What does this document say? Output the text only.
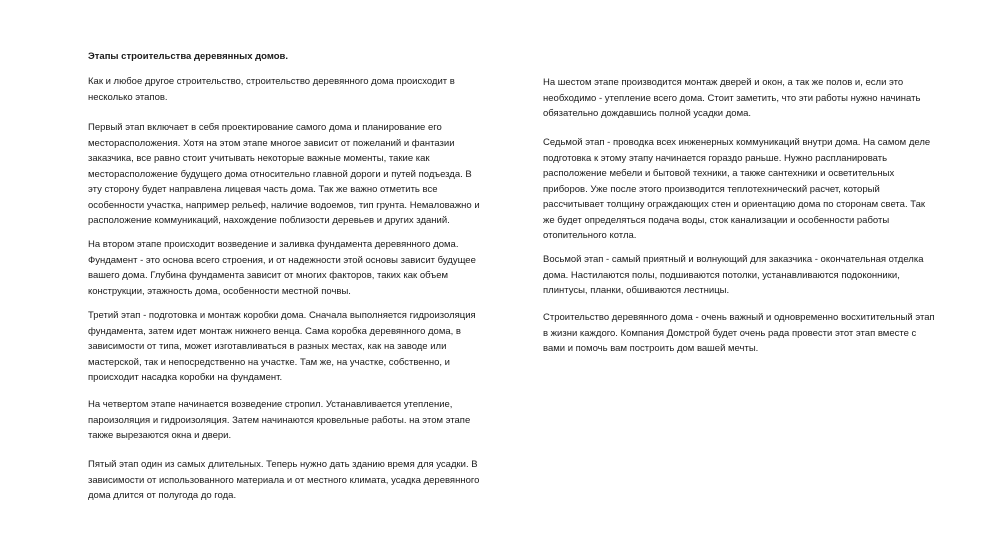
Этапы строительства деревянных домов.
Как и любое другое строительство, строительство деревянного дома происходит в
несколько этапов.
Первый этап включает в себя проектирование самого дома и планирование его
месторасположения. Хотя на этом этапе многое зависит от пожеланий и фантазии
заказчика, все равно стоит учитывать некоторые важные моменты, такие как
месторасположение будущего дома относительно главной дороги и путей подъезда. В
эту сторону будет направлена лицевая часть дома. Так же важно отметить все
особенности участка, например рельеф, наличие водоемов, тип грунта. Немаловажно и
расположение коммуникаций, нахождение поблизости деревьев и других зданий.
На втором этапе происходит возведение и заливка фундамента деревянного дома.
Фундамент - это основа всего строения, и от надежности этой основы зависит будущее
вашего дома. Глубина фундамента зависит от многих факторов, таких как объем
конструкции, этажность дома, особенности местной почвы.
Третий этап - подготовка и монтаж коробки дома. Сначала выполняется гидроизоляция
фундамента, затем идет монтаж нижнего венца. Сама коробка деревянного дома, в
зависимости от типа, может изготавливаться в разных местах, как на заводе или
мастерской, так и непосредственно на участке. Там же, на участке, собственно, и
происходит насадка коробки на фундамент.
На четвертом этапе начинается возведение стропил. Устанавливается утепление,
пароизоляция и гидроизоляция. Затем начинаются кровельные работы. на этом этапе
также вырезаются окна и двери.
Пятый этап один из самых длительных. Теперь нужно дать зданию время для усадки. В
зависимости от использованного материала и от местного климата, усадка деревянного
дома длится от полугода до года.
На шестом этапе производится монтаж дверей и окон, а так же полов и, если это
необходимо - утепление всего дома. Стоит заметить, что эти работы нужно начинать
обязательно дождавшись полной усадки дома.
Седьмой этап - проводка всех инженерных коммуникаций внутри дома. На самом деле
подготовка к этому этапу начинается гораздо раньше. Нужно распланировать
расположение мебели и бытовой техники, а также сантехники и осветительных
приборов. Уже после этого производится теплотехнический расчет, который
рассчитывает толщину ограждающих стен и ориентацию дома по сторонам света. Так
же будет определяться подача воды, сток канализации и особенности работы
отопительного котла.
Восьмой этап - самый приятный и волнующий для заказчика - окончательная отделка
дома. Настилаются полы, подшиваются потолки, устанавливаются подоконники,
плинтусы, планки, обшиваются лестницы.
Строительство деревянного дома - очень важный и одновременно восхитительный этап
в жизни каждого. Компания Домстрой будет очень рада провести этот этап вместе с
вами и помочь вам построить дом вашей мечты.
